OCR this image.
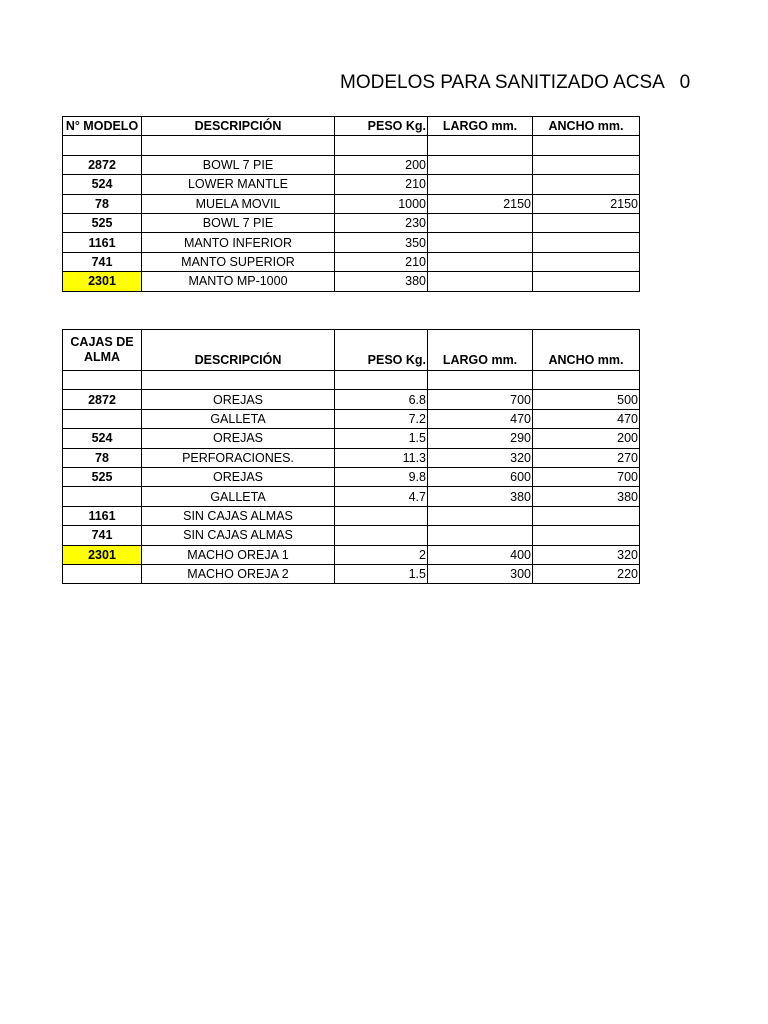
MODELOS PARA SANITIZADO ACSA   0
N° MODELO	DESCRIPCIÓN	PESO Kg.	LARGO mm.	ANCHO mm.

2872	BOWL 7 PIE	200		
524	LOWER MANTLE	210		
78	MUELA MOVIL	1000	2150	2150
525	BOWL 7 PIE	230		
1161	MANTO INFERIOR	350		
741	MANTO SUPERIOR	210		
2301	MANTO MP-1000	380		
CAJAS DE ALMA	DESCRIPCIÓN	PESO Kg.	LARGO mm.	ANCHO mm.

2872	OREJAS	6.8	700	500
	GALLETA	7.2	470	470
524	OREJAS	1.5	290	200
78	PERFORACIONES.	11.3	320	270
525	OREJAS	9.8	600	700
	GALLETA	4.7	380	380
1161	SIN CAJAS ALMAS			
741	SIN CAJAS ALMAS			
2301	MACHO OREJA 1	2	400	320
	MACHO OREJA 2	1.5	300	220
